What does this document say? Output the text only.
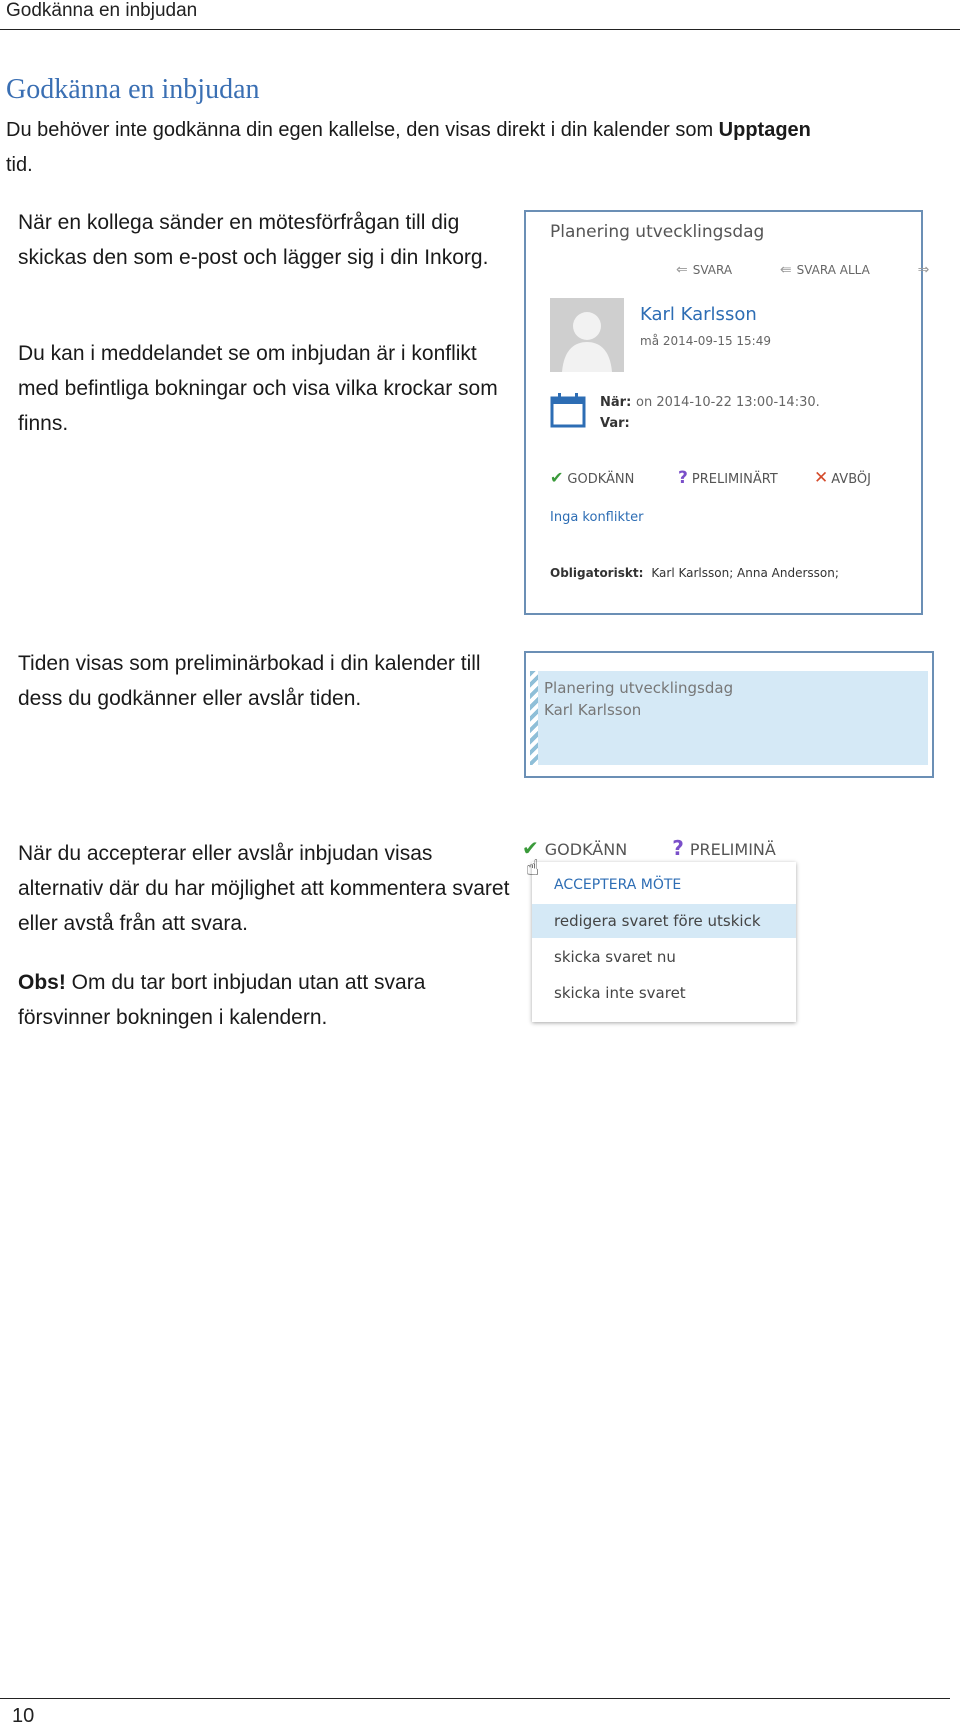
Godkänna en inbjudan
Godkänna en inbjudan

Du behöver inte godkänna din egen kallelse, den visas direkt i din kalender som Upptagen
tid.

När en kollega sänder en mötesförfrågan till dig skickas den som e-post och lägger sig i din Inkorg.

Du kan i meddelandet se om inbjudan är i konflikt med befintliga bokningar och visa vilka krockar som finns.

Planering utvecklingsdag
⇐ SVARA	⇚ SVARA ALLA	⇒
Karl Karlsson
må 2014-09-15 15:49
När: on 2014-10-22 13:00-14:30.
Var:
✔ GODKÄNN	? PRELIMINÄRT ✕ AVBÖJ
Inga konflikter
Obligatoriskt: Karl Karlsson; Anna Andersson;

Tiden visas som preliminärbokad i din kalender till dess du godkänner eller avslår tiden.	Planering utvecklingsdag
Karl Karlsson

När du accepterar eller avslår inbjudan visas alternativ där du har möjlighet att kommentera svaret eller avstå från att svara.

Obs! Om du tar bort inbjudan utan att svara försvinner bokningen i kalendern.

✔ GODKÄNN ? PRELIMINÄ
ACCEPTERA MÖTE
redigera svaret före utskick
skicka svaret nu
skicka inte svaret
☝
10
